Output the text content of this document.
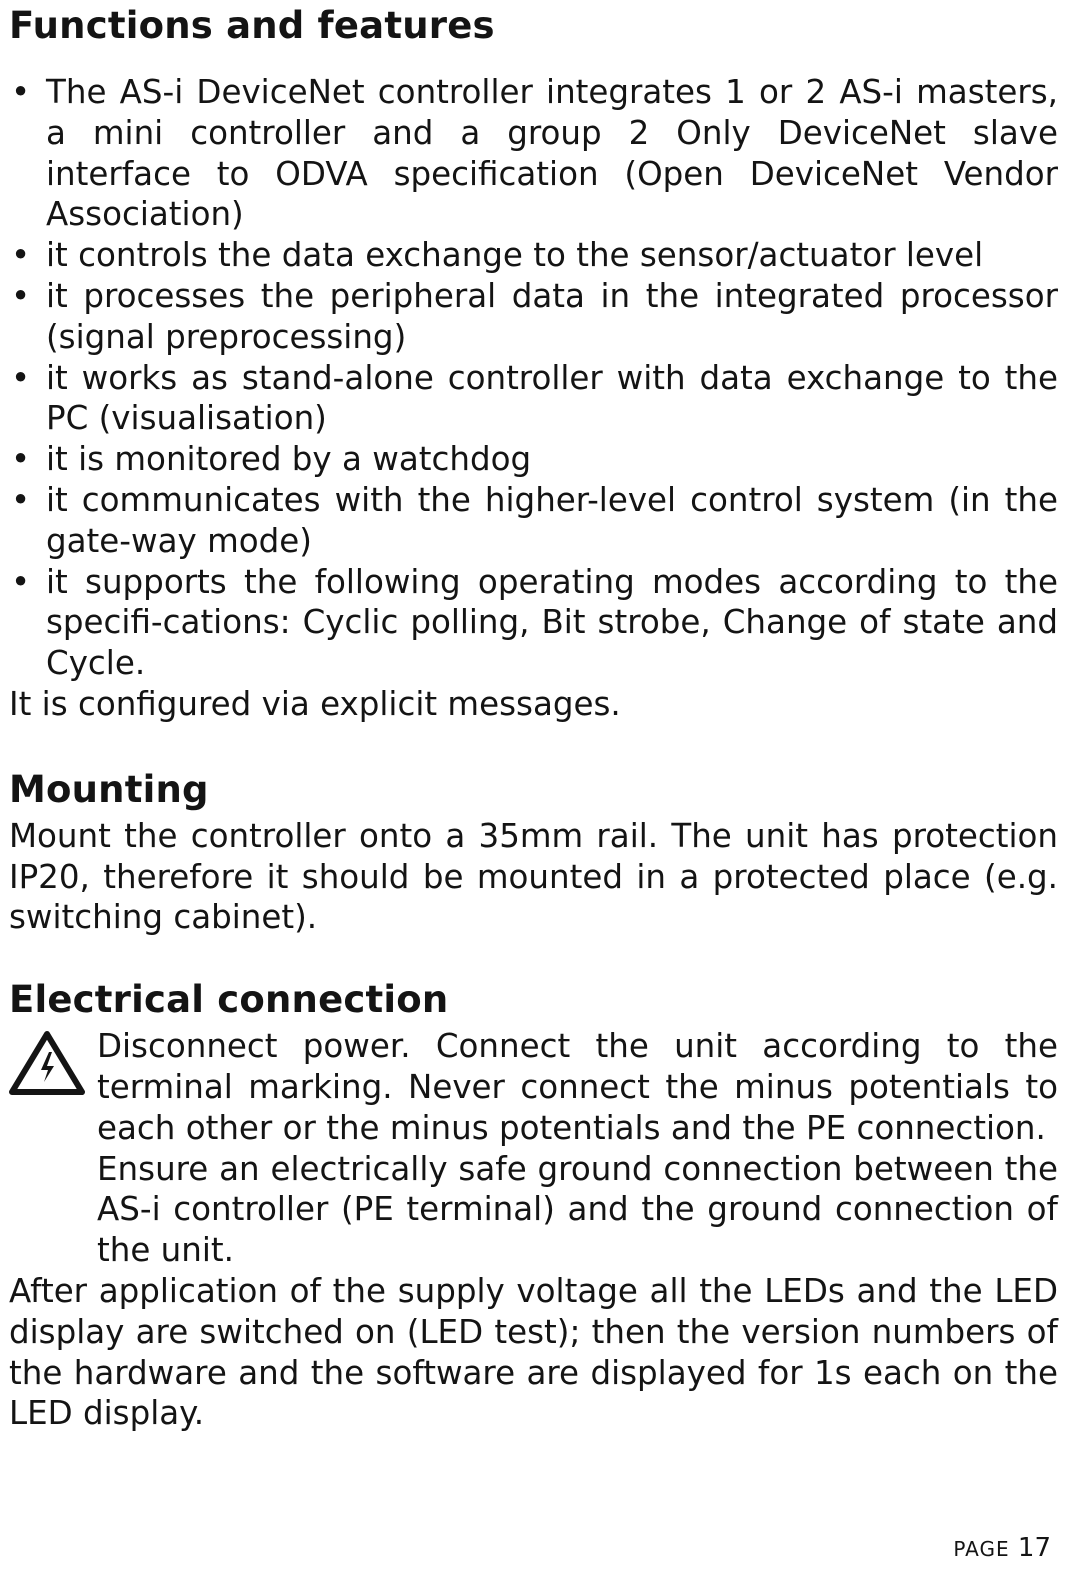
Functions and features
• The AS-i DeviceNet controller integrates 1 or 2 AS-i masters, a mini controller and a group 2 Only DeviceNet slave interface to ODVA specification (Open DeviceNet Vendor Association)
• it controls the data exchange to the sensor/actuator level
• it processes the peripheral data in the integrated processor (signal preprocessing)
• it works as stand-alone controller with data exchange to the PC (visualisation)
• it is monitored by a watchdog
• it communicates with the higher-level control system (in the gate-way mode)
• it supports the following operating modes according to the specifi-cations: Cyclic polling, Bit strobe, Change of state and Cycle.

It is configured via explicit messages.

Mounting

Mount the controller onto a 35mm rail. The unit has protection IP20, therefore it should be mounted in a protected place (e.g. switching cabinet).

Electrical connection

Disconnect power. Connect the unit according to the terminal marking. Never connect the minus potentials to each other or the minus potentials and the PE connection.

Ensure an electrically safe ground connection between the AS-i controller (PE terminal) and the ground connection of the unit.

After application of the supply voltage all the LEDs and the LED display are switched on (LED test); then the version numbers of the hardware and the software are displayed for 1s each on the LED display.

PAGE 17
